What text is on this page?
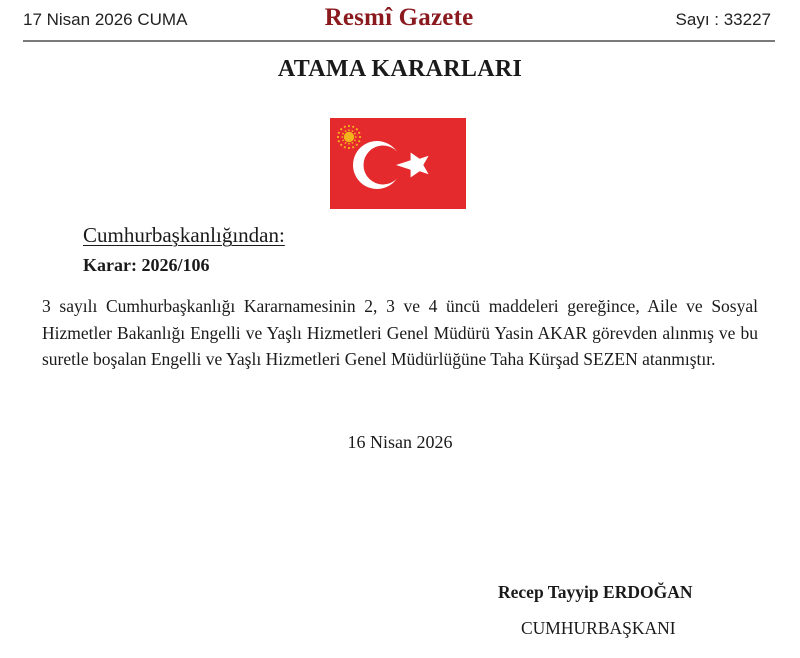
17 Nisan 2026 CUMA	Resmî Gazete	Sayı : 33227
ATAMA KARARLARI
Cumhurbaşkanlığından:
Karar: 2026/106

3 sayılı Cumhurbaşkanlığı Kararnamesinin 2, 3 ve 4 üncü maddeleri gereğince, Aile ve Sosyal Hizmetler Bakanlığı Engelli ve Yaşlı Hizmetleri Genel Müdürü Yasin AKAR görevden alınmış ve bu suretle boşalan Engelli ve Yaşlı Hizmetleri Genel Müdürlüğüne Taha Kürşad SEZEN atanmıştır.

16 Nisan 2026
Recep Tayyip ERDOĞAN
CUMHURBAŞKANI
